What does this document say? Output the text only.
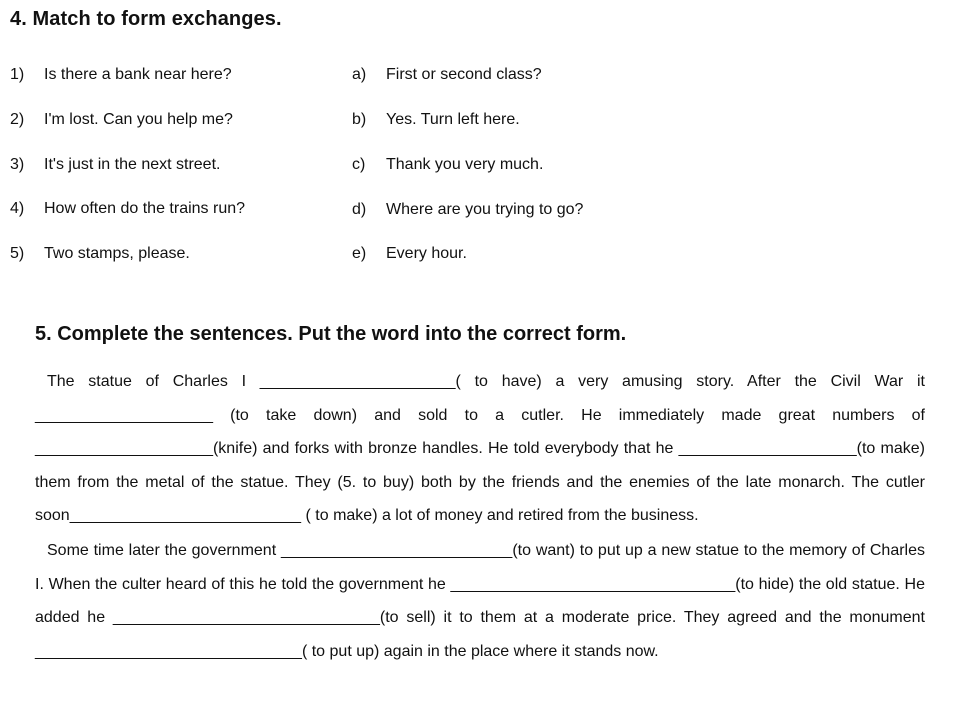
4. Match to form exchanges.
1) Is there a bank near here?
2) I'm lost. Can you help me?
3) It's just in the next street.
4) How often do the trains run?
5) Two stamps, please.
a) First or second class?
b) Yes. Turn left here.
c) Thank you very much.
d) Where are you trying to go?
e) Every hour.
5. Complete the sentences. Put the word into the correct form.

The statue of Charles I ______________________( to have) a very amusing story. After the Civil War it ____________________ (to take down) and sold to a cutler. He immediately made great numbers of ____________________(knife) and forks with bronze handles. He told everybody that he ____________________(to make) them from the metal of the statue. They (5. to buy) both by the friends and the enemies of the late monarch. The cutler soon__________________________ ( to make) a lot of money and retired from the business.

Some time later the government __________________________(to want) to put up a new statue to the memory of Charles I. When the culter heard of this he told the government he ________________________________(to hide) the old statue. He added he ______________________________(to sell) it to them at a moderate price. They agreed and the monument ______________________________( to put up) again in the place where it stands now.
